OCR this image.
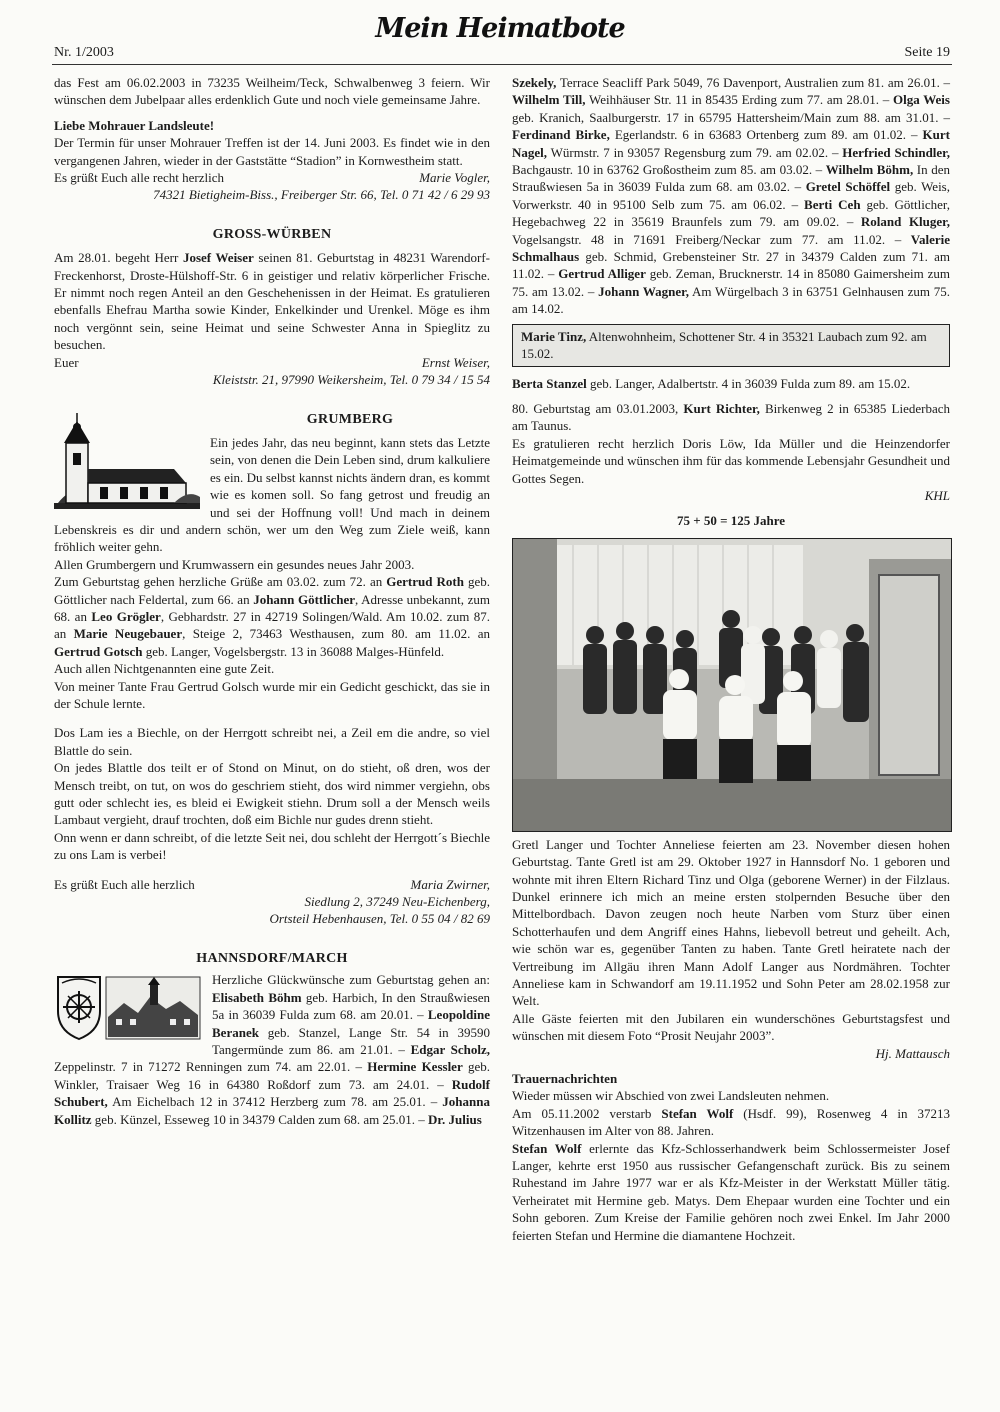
Nr. 1/2003
Mein Heimatbote
Seite 19

das Fest am 06.02.2003 in 73235 Weilheim/Teck, Schwalbenweg 3 feiern. Wir wünschen dem Jubelpaar alles erdenklich Gute und noch viele gemeinsame Jahre.

Liebe Mohrauer Landsleute!

Der Termin für unser Mohrauer Treffen ist der 14. Juni 2003. Es findet wie in den vergangenen Jahren, wieder in der Gaststätte “Stadion” in Kornwestheim statt.

Es grüßt Euch alle recht herzlich	Marie Vogler,
74321 Bietigheim-Biss., Freiberger Str. 66, Tel. 0 71 42 / 6 29 93
GROSS-WÜRBEN

Am 28.01. begeht Herr Josef Weiser seinen 81. Geburtstag in 48231 Warendorf-Freckenhorst, Droste-Hülshoff-Str. 6 in geistiger und relativ körperlicher Frische. Er nimmt noch regen Anteil an den Geschehenissen in der Heimat. Es gratulieren ebenfalls Ehefrau Martha sowie Kinder, Enkelkinder und Urenkel. Möge es ihm noch vergönnt sein, seine Heimat und seine Schwester Anna in Spieglitz zu besuchen.

Euer	Ernst Weiser,
Kleiststr. 21, 97990 Weikersheim, Tel. 0 79 34 / 15 54
GRUMBERG

Ein jedes Jahr, das neu beginnt, kann stets das Letzte sein, von denen die Dein Leben sind, drum kalkuliere es ein. Du selbst kannst nichts ändern dran, es kommt wie es komen soll. So fang getrost und freudig an und sei der Hoffnung voll! Und mach in deinem Lebenskreis es dir und andern schön, wer um den Weg zum Ziele weiß, kann fröhlich weiter gehn.

Allen Grumbergern und Krumwassern ein gesundes neues Jahr 2003.

Zum Geburtstag gehen herzliche Grüße am 03.02. zum 72. an Gertrud Roth geb. Göttlicher nach Feldertal, zum 66. an Johann Göttlicher, Adresse unbekannt, zum 68. an Leo Grögler, Gebhardstr. 27 in 42719 Solingen/Wald. Am 10.02. zum 87. an Marie Neugebauer, Steige 2, 73463 Westhausen, zum 80. am 11.02. an Gertrud Gotsch geb. Langer, Vogelsbergstr. 13 in 36088 Malges-Hünfeld.

Auch allen Nichtgenannten eine gute Zeit.

Von meiner Tante Frau Gertrud Golsch wurde mir ein Gedicht geschickt, das sie in der Schule lernte.

Dos Lam ies a Biechle, on der Herrgott schreibt nei, a Zeil em die andre, so viel Blattle do sein.

On jedes Blattle dos teilt er of Stond on Minut, on do stieht, oß dren, wos der Mensch treibt, on tut, on wos do geschriem stieht, dos wird nimmer vergiehn, obs gutt oder schlecht ies, es bleid ei Ewigkeit stiehn. Drum soll a der Mensch weils Lambaut vergieht, drauf trochten, doß eim Bichle nur gudes drenn stieht.

Onn wenn er dann schreibt, of die letzte Seit nei, dou schleht der Herrgott´s Biechle zu ons Lam is verbei!

Es grüßt Euch alle herzlich	Maria Zwirner,
Siedlung 2, 37249 Neu-Eichenberg,
Ortsteil Hebenhausen, Tel. 0 55 04 / 82 69
HANNSDORF/MARCH

Herzliche Glückwünsche zum Geburtstag gehen an: Elisabeth Böhm geb. Harbich, In den Straußwiesen 5a in 36039 Fulda zum 68. am 20.01. – Leopoldine Beranek geb. Stanzel, Lange Str. 54 in 39590 Tangermünde zum 86. am 21.01. – Edgar Scholz, Zeppelinstr. 7 in 71272 Renningen zum 74. am 22.01. – Hermine Kessler geb. Winkler, Traisaer Weg 16 in 64380 Roßdorf zum 73. am 24.01. – Rudolf Schubert, Am Eichelbach 12 in 37412 Herzberg zum 78. am 25.01. – Johanna Kollitz geb. Künzel, Esseweg 10 in 34379 Calden zum 68. am 25.01. – Dr. Julius

Szekely, Terrace Seacliff Park 5049, 76 Davenport, Australien zum 81. am 26.01. – Wilhelm Till, Weihhäuser Str. 11 in 85435 Erding zum 77. am 28.01. – Olga Weis geb. Kranich, Saalburgerstr. 17 in 65795 Hattersheim/Main zum 88. am 31.01. – Ferdinand Birke, Egerlandstr. 6 in 63683 Ortenberg zum 89. am 01.02. – Kurt Nagel, Würmstr. 7 in 93057 Regensburg zum 79. am 02.02. – Herfried Schindler, Bachgaustr. 10 in 63762 Großostheim zum 85. am 03.02. – Wilhelm Böhm, In den Straußwiesen 5a in 36039 Fulda zum 68. am 03.02. – Gretel Schöffel geb. Weis, Vorwerkstr. 40 in 95100 Selb zum 75. am 06.02. – Berti Ceh geb. Göttlicher, Hegebachweg 22 in 35619 Braunfels zum 79. am 09.02. – Roland Kluger, Vogelsangstr. 48 in 71691 Freiberg/Neckar zum 77. am 11.02. – Valerie Schmalhaus geb. Schmid, Grebensteiner Str. 27 in 34379 Calden zum 71. am 11.02. – Gertrud Alliger geb. Zeman, Brucknerstr. 14 in 85080 Gaimersheim zum 75. am 13.02. – Johann Wagner, Am Würgelbach 3 in 63751 Gelnhausen zum 75. am 14.02.

Marie Tinz, Altenwohnheim, Schottener Str. 4 in 35321 Laubach zum 92. am 15.02.

Berta Stanzel geb. Langer, Adalbertstr. 4 in 36039 Fulda zum 89. am 15.02.

80. Geburtstag am 03.01.2003, Kurt Richter, Birkenweg 2 in 65385 Liederbach am Taunus.

Es gratulieren recht herzlich Doris Löw, Ida Müller und die Heinzendorfer Heimatgemeinde und wünschen ihm für das kommende Lebensjahr Gesundheit und Gottes Segen.

KHL
75 + 50 = 125 Jahre

Gretl Langer und Tochter Anneliese feierten am 23. November diesen hohen Geburtstag. Tante Gretl ist am 29. Oktober 1927 in Hannsdorf No. 1 geboren und wohnte mit ihren Eltern Richard Tinz und Olga (geborene Werner) in der Filzlaus. Dunkel erinnere ich mich an meine ersten stolpernden Besuche über den Mittelbordbach. Davon zeugen noch heute Narben vom Sturz über einen Schotterhaufen und dem Angriff eines Hahns, liebevoll betreut und geheilt. Ach, wie schön war es, gegenüber Tanten zu haben. Tante Gretl heiratete nach der Vertreibung im Allgäu ihren Mann Adolf Langer aus Nordmähren. Tochter Anneliese kam in Schwandorf am 19.11.1952 und Sohn Peter am 28.02.1958 zur Welt.

Alle Gäste feierten mit den Jubilaren ein wunderschönes Geburtstagsfest und wünschen mit diesem Foto “Prosit Neujahr 2003”.

Hj. Mattausch
Trauernachrichten

Wieder müssen wir Abschied von zwei Landsleuten nehmen.

Am 05.11.2002 verstarb Stefan Wolf (Hsdf. 99), Rosenweg 4 in 37213 Witzenhausen im Alter von 88. Jahren.

Stefan Wolf erlernte das Kfz-Schlosserhandwerk beim Schlossermeister Josef Langer, kehrte erst 1950 aus russischer Gefangenschaft zurück. Bis zu seinem Ruhestand im Jahre 1977 war er als Kfz-Meister in der Werkstatt Müller tätig. Verheiratet mit Hermine geb. Matys. Dem Ehepaar wurden eine Tochter und ein Sohn geboren. Zum Kreise der Familie gehören noch zwei Enkel. Im Jahr 2000 feierten Stefan und Hermine die diamantene Hochzeit.
